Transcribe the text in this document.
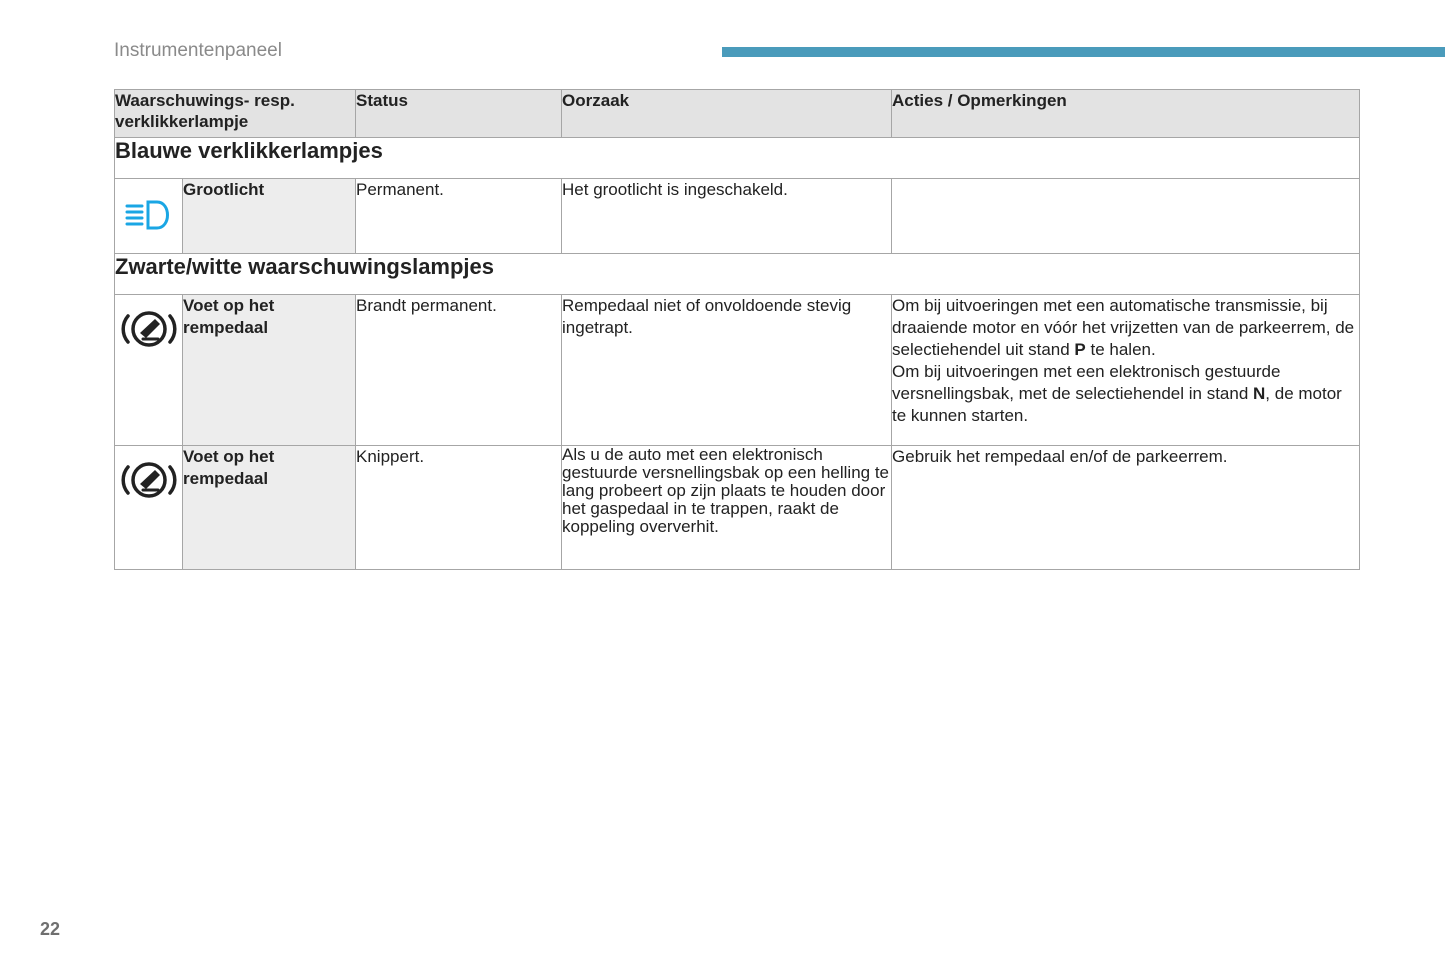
Instrumentenpaneel
Waarschuwings- resp. verklikkerlampje		Status	Oorzaak	Acties / Opmerkingen
Blauwe verklikkerlampjes				

	Grootlicht	Permanent.	Het grootlicht is ingeschakeld.	
Zwarte/witte waarschuwingslampjes				

	Voet op het rempedaal	Brandt permanent.	Rempedaal niet of onvoldoende stevig ingetrapt.	Om bij uitvoeringen met een automatische transmissie, bij draaiende motor en vóór het vrijzetten van de parkeerrem, de selectiehendel uit stand P te halen.
Om bij uitvoeringen met een elektronisch gestuurde versnellingsbak, met de selectiehendel in stand N, de motor te kunnen starten.

	Voet op het rempedaal	Knippert.	Als u de auto met een elektronisch gestuurde versnellingsbak op een helling te lang probeert op zijn plaats te houden door het gaspedaal in te trappen, raakt de koppeling oververhit.	Gebruik het rempedaal en/of de parkeerrem.
22
